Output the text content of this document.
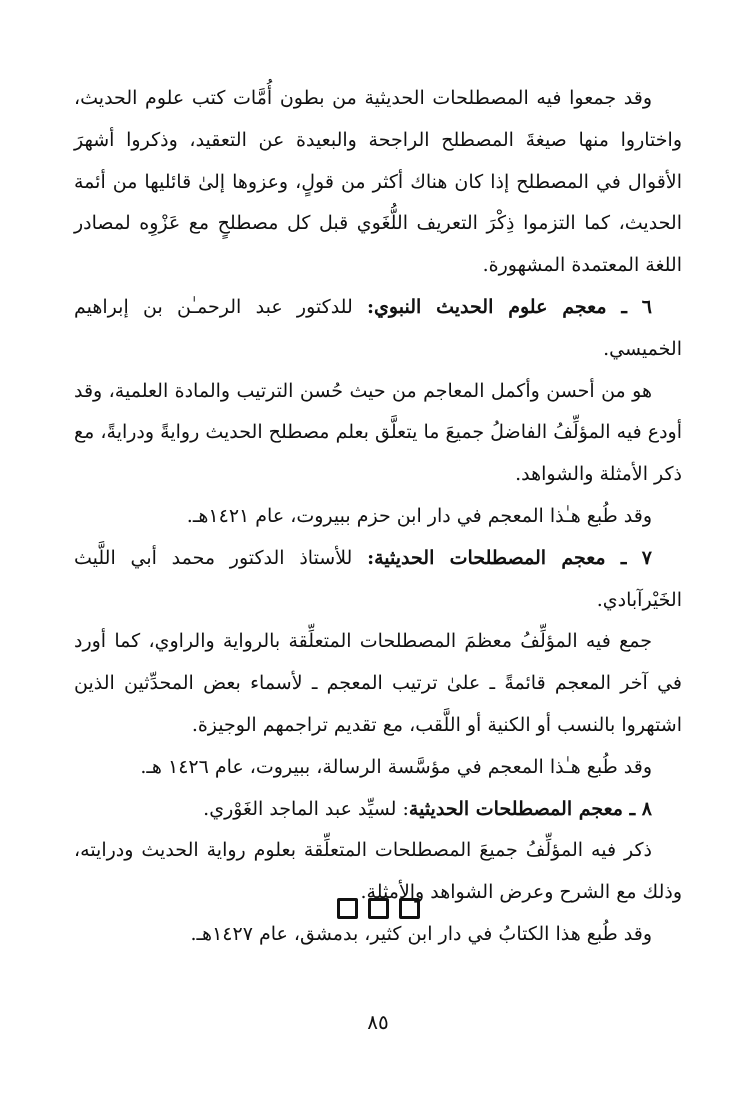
وقد جمعوا فيه المصطلحات الحديثية من بطون أُمَّات كتب علوم الحديث، واختاروا منها صيغةَ المصطلح الراجحة والبعيدة عن التعقيد، وذكروا أشهرَ الأقوال في المصطلح إذا كان هناك أكثر من قولٍ، وعزوها إلىٰ قائليها من أئمة الحديث، كما التزموا ذِكْرَ التعريف اللُّغَوي قبل كل مصطلحٍ مع عَزْوِه لمصادر اللغة المعتمدة المشهورة.

٦ ـ معجم علوم الحديث النبوي: للدكتور عبد الرحمـٰن بن إبراهيم الخميسي.

هو من أحسن وأكمل المعاجم من حيث حُسن الترتيب والمادة العلمية، وقد أودع فيه المؤلِّفُ الفاضلُ جميعَ ما يتعلَّق بعلم مصطلح الحديث روايةً ودرايةً، مع ذكر الأمثلة والشواهد.

وقد طُبع هـٰذا المعجم في دار ابن حزم ببيروت، عام ١٤٢١هـ.

٧ ـ معجم المصطلحات الحديثية: للأستاذ الدكتور محمد أبي اللَّيث الخَيْرآبادي.

جمع فيه المؤلِّفُ معظمَ المصطلحات المتعلِّقة بالرواية والراوي، كما أورد في آخر المعجم قائمةً ـ علىٰ ترتيب المعجم ـ لأسماء بعض المحدِّثين الذين اشتهروا بالنسب أو الكنية أو اللَّقب، مع تقديم تراجمهم الوجيزة.

وقد طُبع هـٰذا المعجم في مؤسَّسة الرسالة، ببيروت، عام ١٤٢٦ هـ.

٨ ـ معجم المصطلحات الحديثية: لسيِّد عبد الماجد الغَوْري.

ذكر فيه المؤلِّفُ جميعَ المصطلحات المتعلِّقة بعلوم رواية الحديث ودرايته، وذلك مع الشرح وعرض الشواهد والأمثلة.

وقد طُبع هذا الكتابُ في دار ابن كثير، بدمشق، عام ١٤٢٧هـ.

٨٥
